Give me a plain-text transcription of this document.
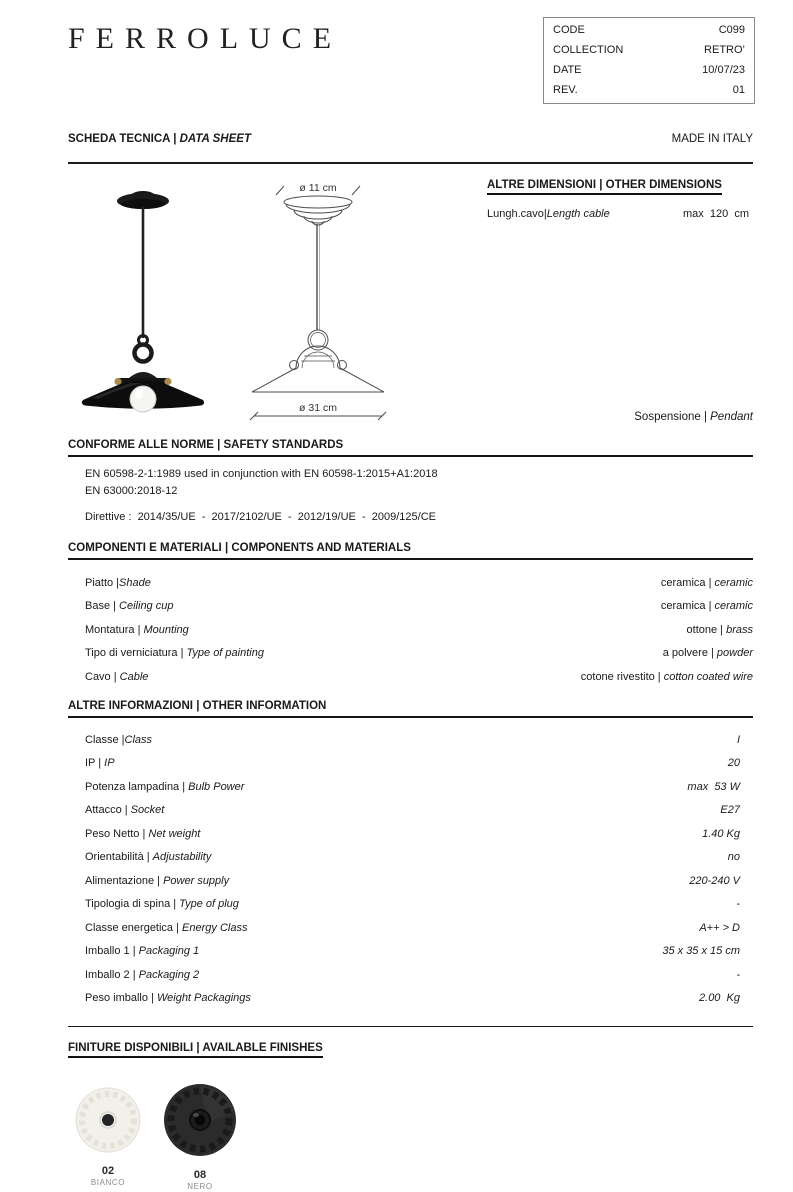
FERROLUCE	CODE	C099
COLLECTION	RETRO’
DATE	10/07/23
REV.	01
SCHEDA TECNICA | DATA SHEET	MADE IN ITALY
ø 11 cm
ø 31 cm
ALTRE DIMENSIONI | OTHER DIMENSIONS
Lungh.cavo|Length cable	max  120  cm
Sospensione | Pendant
CONFORME ALLE NORME | SAFETY STANDARDS
EN 60598-2-1:1989 used in conjunction with EN 60598-1:2015+A1:2018
EN 63000:2018-12
Direttive :  2014/35/UE  -  2017/2102/UE  -  2012/19/UE  -  2009/125/CE
COMPONENTI E MATERIALI | COMPONENTS AND MATERIALS
Piatto |Shade	ceramica | ceramic
Base | Ceiling cup	ceramica | ceramic
Montatura | Mounting	ottone | brass
Tipo di verniciatura | Type of painting	a polvere | powder
Cavo | Cable	cotone rivestito | cotton coated wire
ALTRE INFORMAZIONI | OTHER INFORMATION
Classe |Class	I
IP | IP	20
Potenza lampadina | Bulb Power	max  53 W
Attacco | Socket	E27
Peso Netto | Net weight	1.40 Kg
Orientabilità | Adjustability	no
Alimentazione | Power supply	220-240 V
Tipologia di spina | Type of plug	-
Classe energetica | Energy Class	A++ > D
Imballo 1 | Packaging 1	35 x 35 x 15 cm
Imballo 2 | Packaging 2	-
Peso imballo | Weight Packagings	2.00  Kg
FINITURE DISPONIBILI | AVAILABLE FINISHES
02
BIANCO
08
NERO
